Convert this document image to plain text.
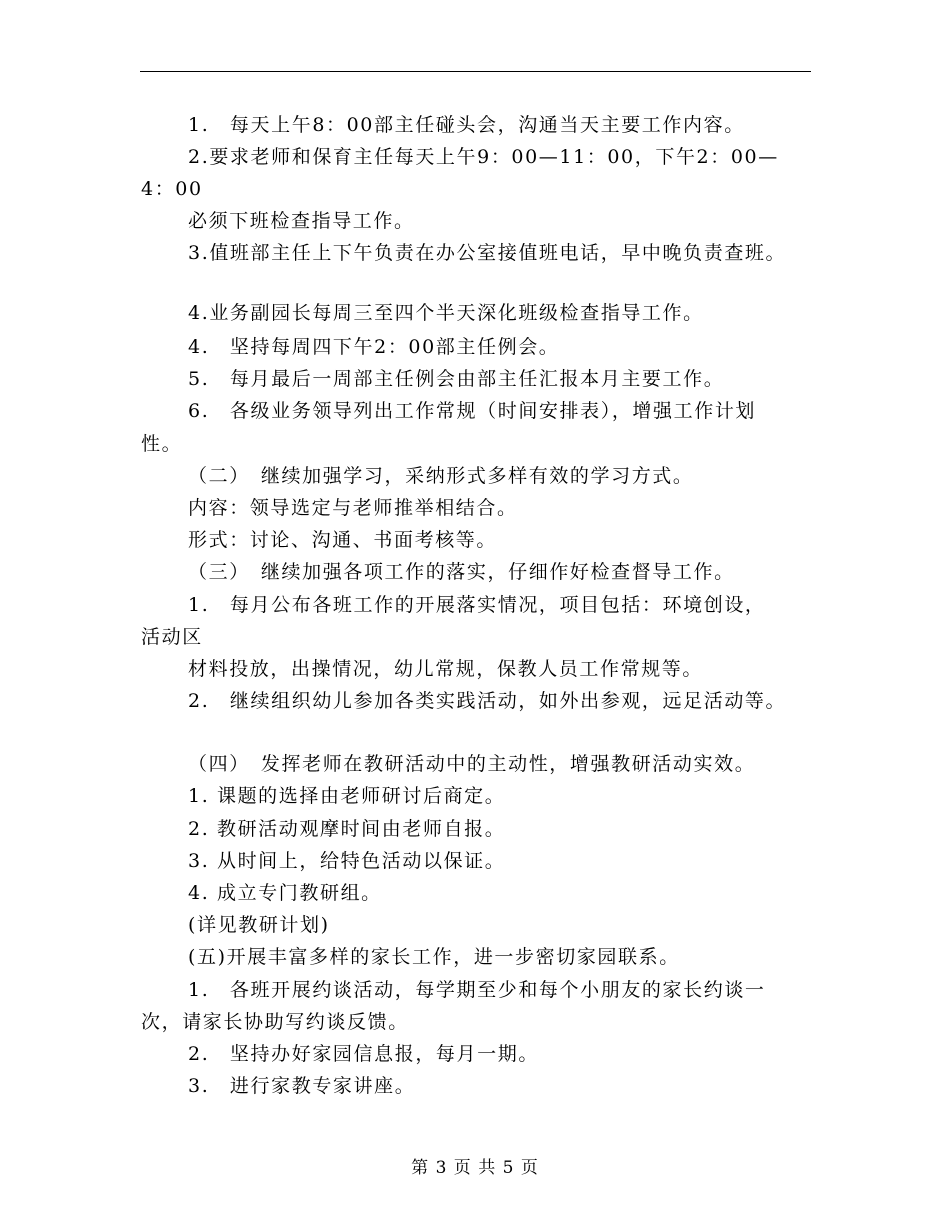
1.　每天上午8：00部主任碰头会，沟通当天主要工作内容。
2.要求老师和保育主任每天上午9：00—11：00，下午2：00—
4：00
必须下班检查指导工作。
3.值班部主任上下午负责在办公室接值班电话，早中晚负责查班。
4.业务副园长每周三至四个半天深化班级检查指导工作。
4.　坚持每周四下午2：00部主任例会。
5.　每月最后一周部主任例会由部主任汇报本月主要工作。
6.　各级业务领导列出工作常规（时间安排表），增强工作计划
性。
（二）　继续加强学习，采纳形式多样有效的学习方式。
内容：领导选定与老师推举相结合。
形式：讨论、沟通、书面考核等。
（三）　继续加强各项工作的落实，仔细作好检查督导工作。
1.　每月公布各班工作的开展落实情况，项目包括：环境创设，
活动区
材料投放，出操情况，幼儿常规，保教人员工作常规等。
2.　继续组织幼儿参加各类实践活动，如外出参观，远足活动等。
（四）　发挥老师在教研活动中的主动性，增强教研活动实效。
1. 课题的选择由老师研讨后商定。
2. 教研活动观摩时间由老师自报。
3. 从时间上，给特色活动以保证。
4. 成立专门教研组。
(详见教研计划)
(五)开展丰富多样的家长工作，进一步密切家园联系。
1.　各班开展约谈活动，每学期至少和每个小朋友的家长约谈一
次，请家长协助写约谈反馈。
2.　坚持办好家园信息报，每月一期。
3.　进行家教专家讲座。
第 3 页 共 5 页
